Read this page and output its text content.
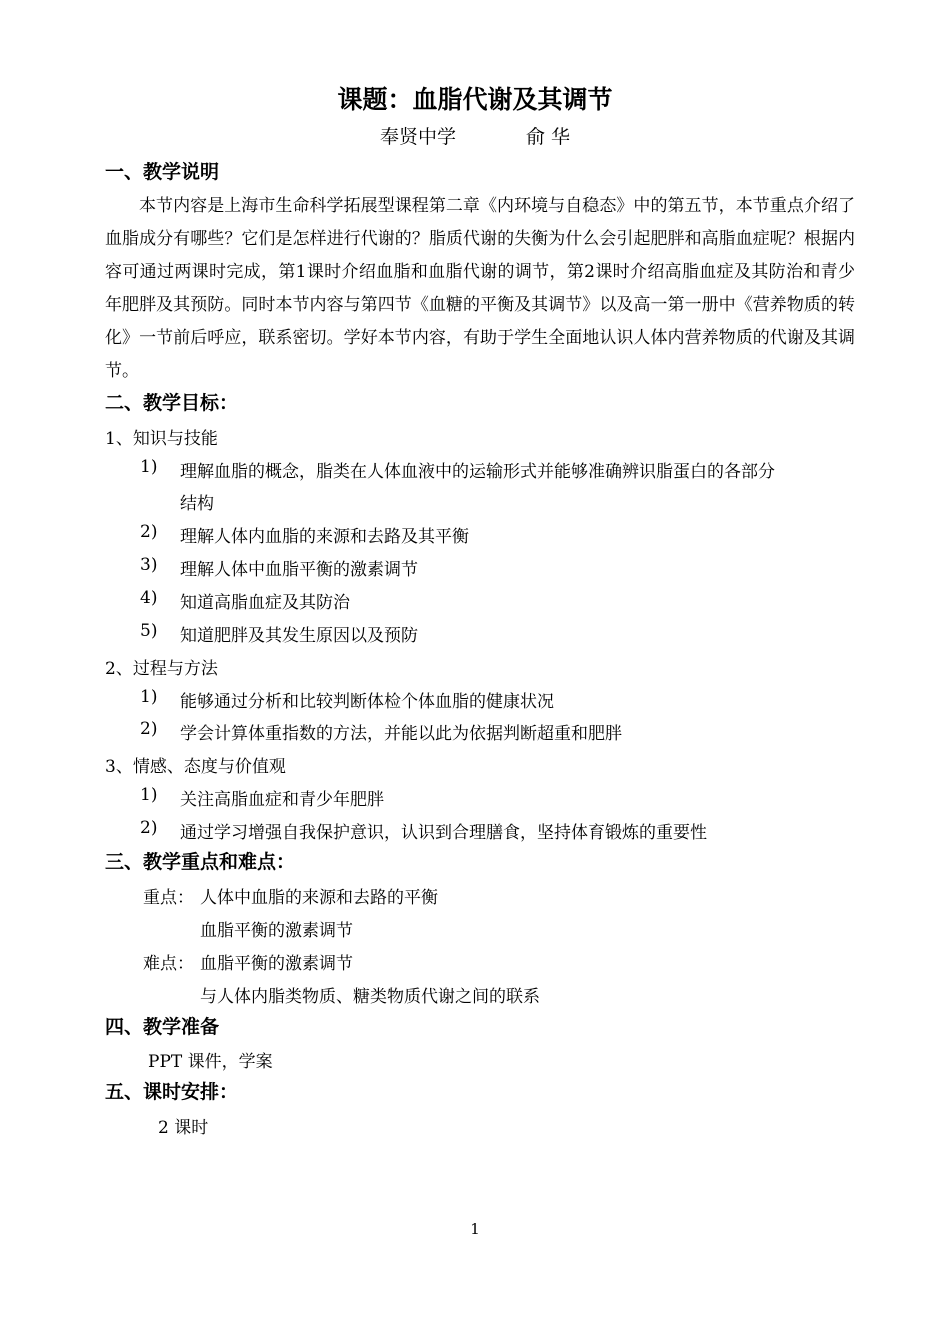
课题：血脂代谢及其调节
奉贤中学	俞 华
一、教学说明
本节内容是上海市生命科学拓展型课程第二章《内环境与自稳态》中的第五节，本节重点介绍了血脂成分有哪些？它们是怎样进行代谢的？脂质代谢的失衡为什么会引起肥胖和高脂血症呢？根据内容可通过两课时完成，第1课时介绍血脂和血脂代谢的调节，第2课时介绍高脂血症及其防治和青少年肥胖及其预防。同时本节内容与第四节《血糖的平衡及其调节》以及高一第一册中《营养物质的转化》一节前后呼应，联系密切。学好本节内容，有助于学生全面地认识人体内营养物质的代谢及其调节。
二、教学目标：
1、知识与技能
1) 理解血脂的概念，脂类在人体血液中的运输形式并能够准确辨识脂蛋白的各部分
结构
2) 理解人体内血脂的来源和去路及其平衡
3) 理解人体中血脂平衡的激素调节
4) 知道高脂血症及其防治
5) 知道肥胖及其发生原因以及预防
2、过程与方法
1) 能够通过分析和比较判断体检个体血脂的健康状况
2) 学会计算体重指数的方法，并能以此为依据判断超重和肥胖
3、情感、态度与价值观
1) 关注高脂血症和青少年肥胖
2) 通过学习增强自我保护意识，认识到合理膳食，坚持体育锻炼的重要性
三、教学重点和难点：
重点： 人体中血脂的来源和去路的平衡
血脂平衡的激素调节
难点： 血脂平衡的激素调节
与人体内脂类物质、糖类物质代谢之间的联系
四、教学准备
PPT 课件，学案
五、课时安排：
2 课时
1
